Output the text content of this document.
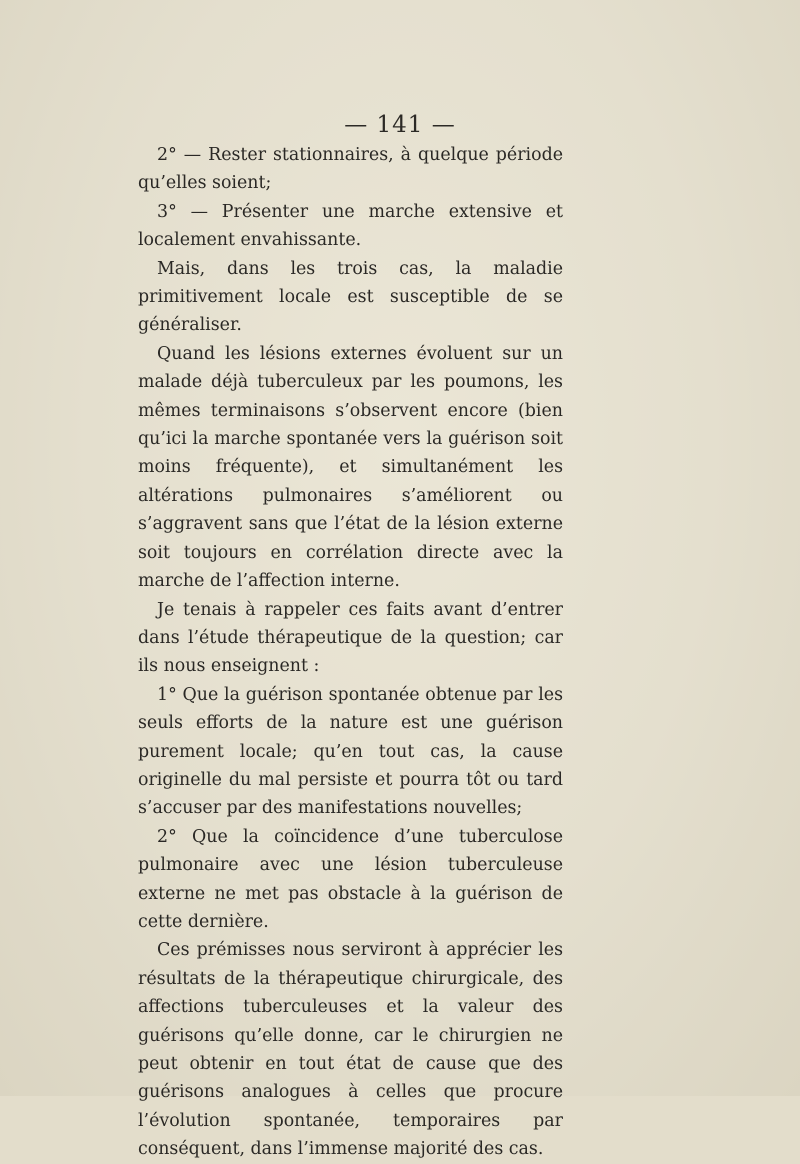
— 141 —

2° — Rester stationnaires, à quelque période qu’elles soient;

3° — Présenter une marche extensive et localement envahissante.

Mais, dans les trois cas, la maladie primitivement locale est susceptible de se généraliser.

Quand les lésions externes évoluent sur un malade déjà tuberculeux par les poumons, les mêmes terminaisons s’observent encore (bien qu’ici la marche spontanée vers la guérison soit moins fréquente), et simultanément les altérations pulmonaires s’améliorent ou s’aggravent sans que l’état de la lésion externe soit toujours en corrélation directe avec la marche de l’affection interne.

Je tenais à rappeler ces faits avant d’entrer dans l’étude thérapeutique de la question; car ils nous enseignent :

1° Que la guérison spontanée obtenue par les seuls efforts de la nature est une guérison purement locale; qu’en tout cas, la cause originelle du mal persiste et pourra tôt ou tard s’accuser par des manifestations nouvelles;

2° Que la coïncidence d’une tuberculose pulmonaire avec une lésion tuberculeuse externe ne met pas obstacle à la guérison de cette dernière.

Ces prémisses nous serviront à apprécier les résultats de la thérapeutique chirurgicale, des affections tuberculeuses et la valeur des guérisons qu’elle donne, car le chirurgien ne peut obtenir en tout état de cause que des guérisons analogues à celles que procure l’évolution spontanée, temporaires par conséquent, dans l’immense majorité des cas.
